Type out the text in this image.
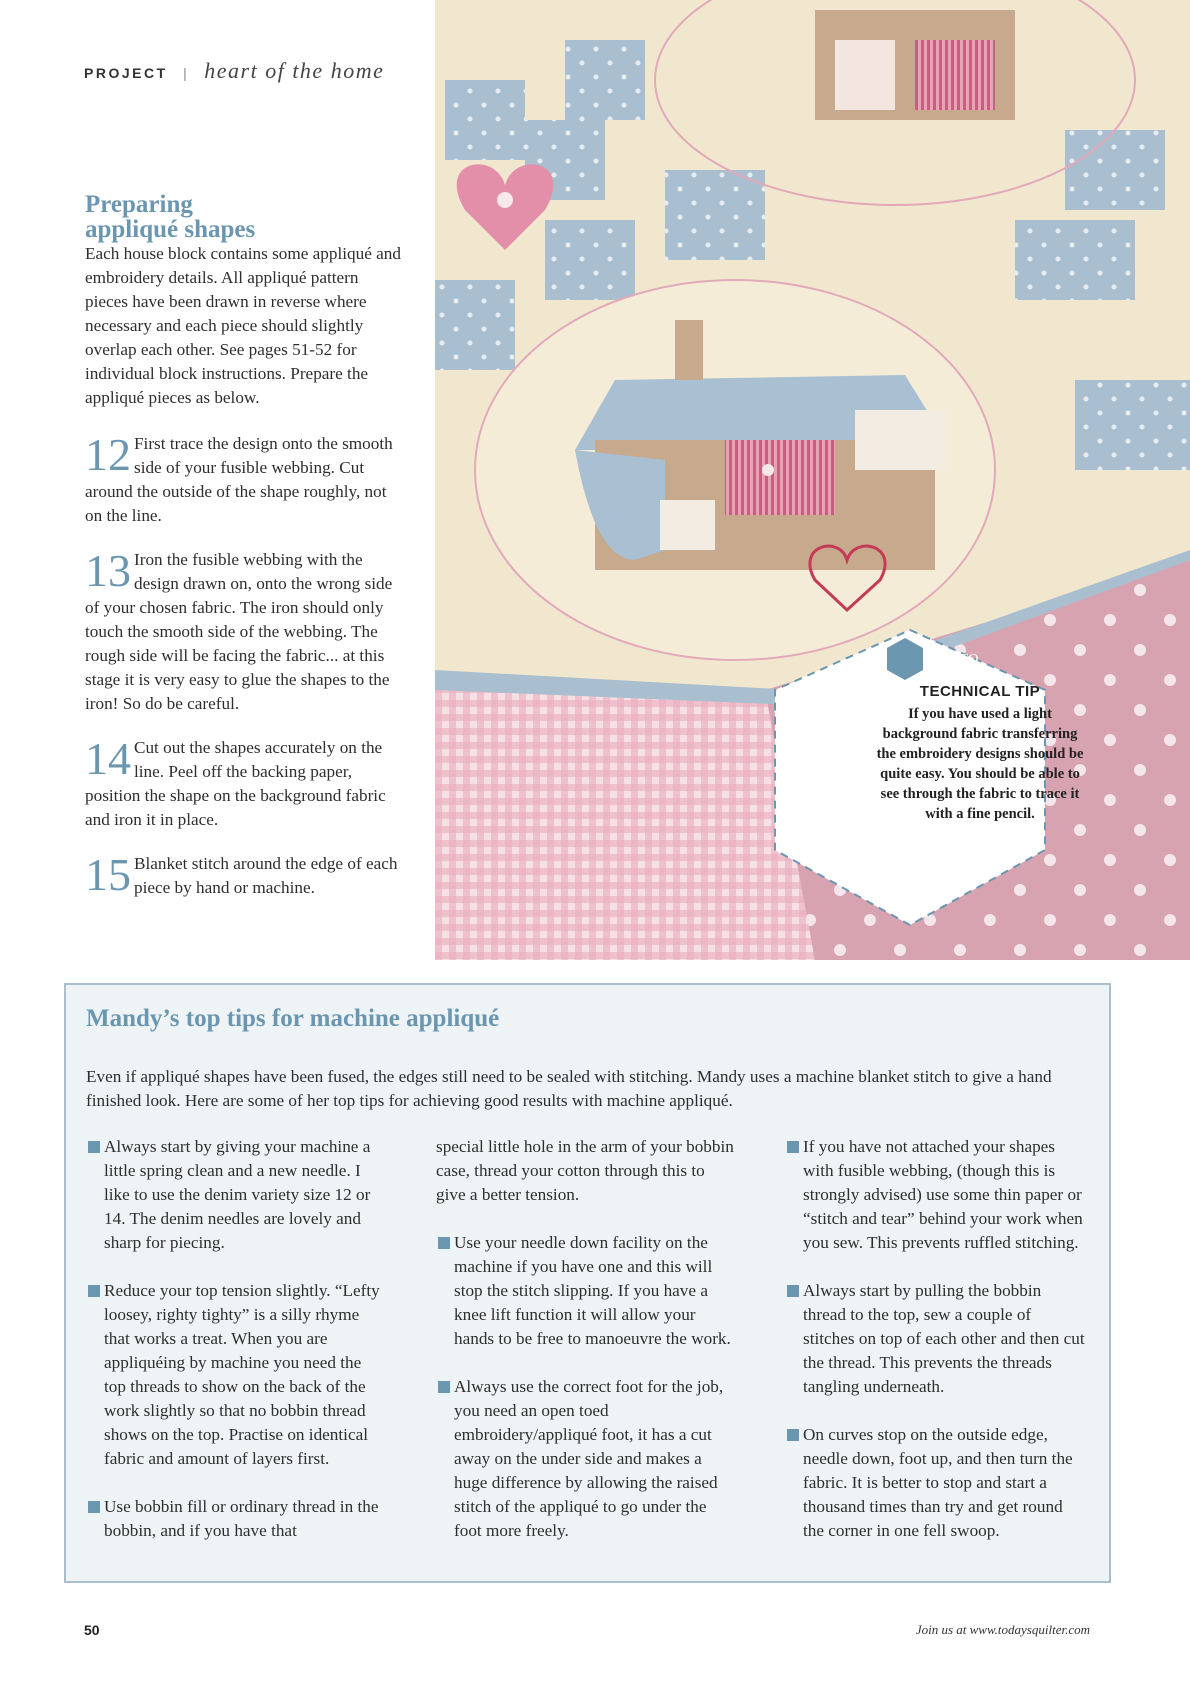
PROJECT | heart of the home
Preparing
appliqué shapes

Each house block contains some appliqué and embroidery details. All appliqué pattern pieces have been drawn in reverse where necessary and each piece should slightly overlap each other. See pages 51-52 for individual block instructions. Prepare the appliqué pieces as below.

12 First trace the design onto the smooth side of your fusible webbing. Cut around the outside of the shape roughly, not on the line.
13 Iron the fusible webbing with the design drawn on, onto the wrong side of your chosen fabric. The iron should only touch the smooth side of the webbing. The rough side will be facing the fabric... at this stage it is very easy to glue the shapes to the iron! So do be careful.
14 Cut out the shapes accurately on the line. Peel off the backing paper, position the shape on the background fabric and iron it in place.
15 Blanket stitch around the edge of each piece by hand or machine.
TQ
TECHNICAL TIP
If you have used a light background fabric transferring the embroidery designs should be quite easy. You should be able to see through the fabric to trace it with a fine pencil.
Mandy’s top tips for machine appliqué

Even if appliqué shapes have been fused, the edges still need to be sealed with stitching. Mandy uses a machine blanket stitch to give a hand finished look. Here are some of her top tips for achieving good results with machine appliqué.

Always start by giving your machine a little spring clean and a new needle. I like to use the denim variety size 12 or 14. The denim needles are lovely and sharp for piecing.

Reduce your top tension slightly. “Lefty loosey, righty tighty” is a silly rhyme that works a treat. When you are appliquéing by machine you need the top threads to show on the back of the work slightly so that no bobbin thread shows on the top. Practise on identical fabric and amount of layers first.

Use bobbin fill or ordinary thread in the bobbin, and if you have that

special little hole in the arm of your bobbin case, thread your cotton through this to give a better tension.

Use your needle down facility on the machine if you have one and this will stop the stitch slipping. If you have a knee lift function it will allow your hands to be free to manoeuvre the work.

Always use the correct foot for the job, you need an open toed embroidery/appliqué foot, it has a cut away on the under side and makes a huge difference by allowing the raised stitch of the appliqué to go under the foot more freely.

If you have not attached your shapes with fusible webbing, (though this is strongly advised) use some thin paper or “stitch and tear” behind your work when you sew. This prevents ruffled stitching.

Always start by pulling the bobbin thread to the top, sew a couple of stitches on top of each other and then cut the thread. This prevents the threads tangling underneath.

On curves stop on the outside edge, needle down, foot up, and then turn the fabric. It is better to stop and start a thousand times than try and get round the corner in one fell swoop.

50	Join us at www.todaysquilter.com
